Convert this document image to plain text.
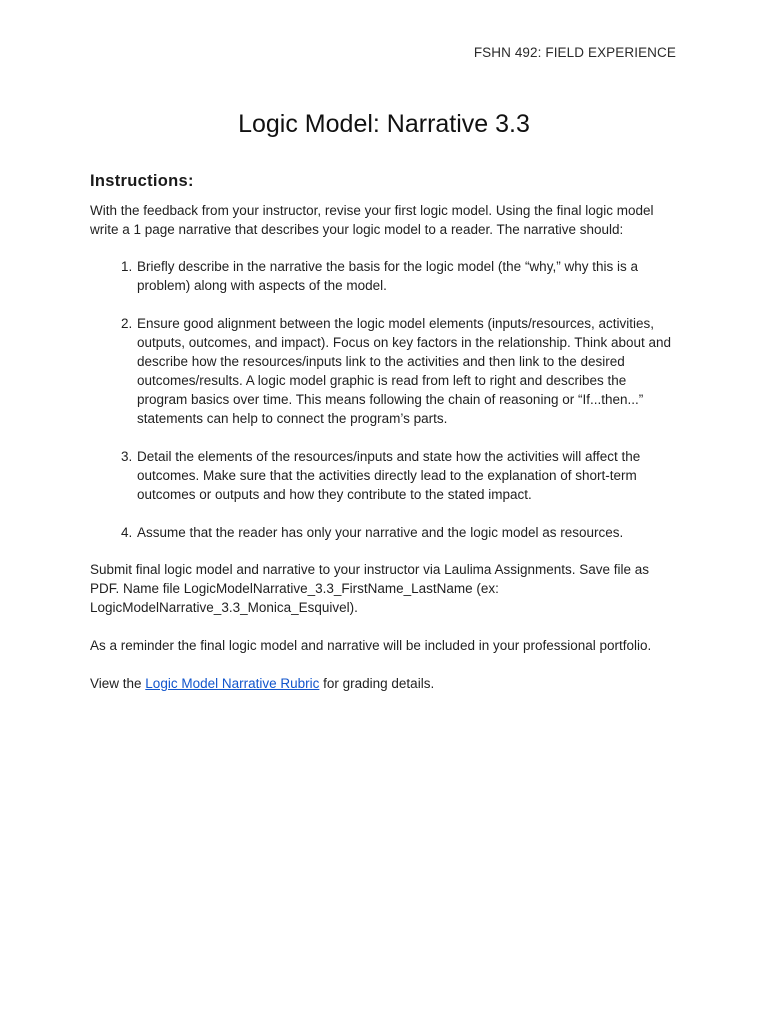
FSHN 492: FIELD EXPERIENCE
Logic Model: Narrative 3.3
Instructions:

With the feedback from your instructor, revise your first logic model. Using the final logic model write a 1 page narrative that describes your logic model to a reader. The narrative should:

1. Briefly describe in the narrative the basis for the logic model (the “why,” why this is a problem) along with aspects of the model.
2. Ensure good alignment between the logic model elements (inputs/resources, activities, outputs, outcomes, and impact). Focus on key factors in the relationship. Think about and describe how the resources/inputs link to the activities and then link to the desired outcomes/results. A logic model graphic is read from left to right and describes the program basics over time. This means following the chain of reasoning or “If...then...” statements can help to connect the program’s parts.
3. Detail the elements of the resources/inputs and state how the activities will affect the outcomes. Make sure that the activities directly lead to the explanation of short-term outcomes or outputs and how they contribute to the stated impact.
4. Assume that the reader has only your narrative and the logic model as resources.

Submit final logic model and narrative to your instructor via Laulima Assignments. Save file as PDF. Name file LogicModelNarrative_3.3_FirstName_LastName (ex: LogicModelNarrative_3.3_Monica_Esquivel).

As a reminder the final logic model and narrative will be included in your professional portfolio.

View the Logic Model Narrative Rubric for grading details.
